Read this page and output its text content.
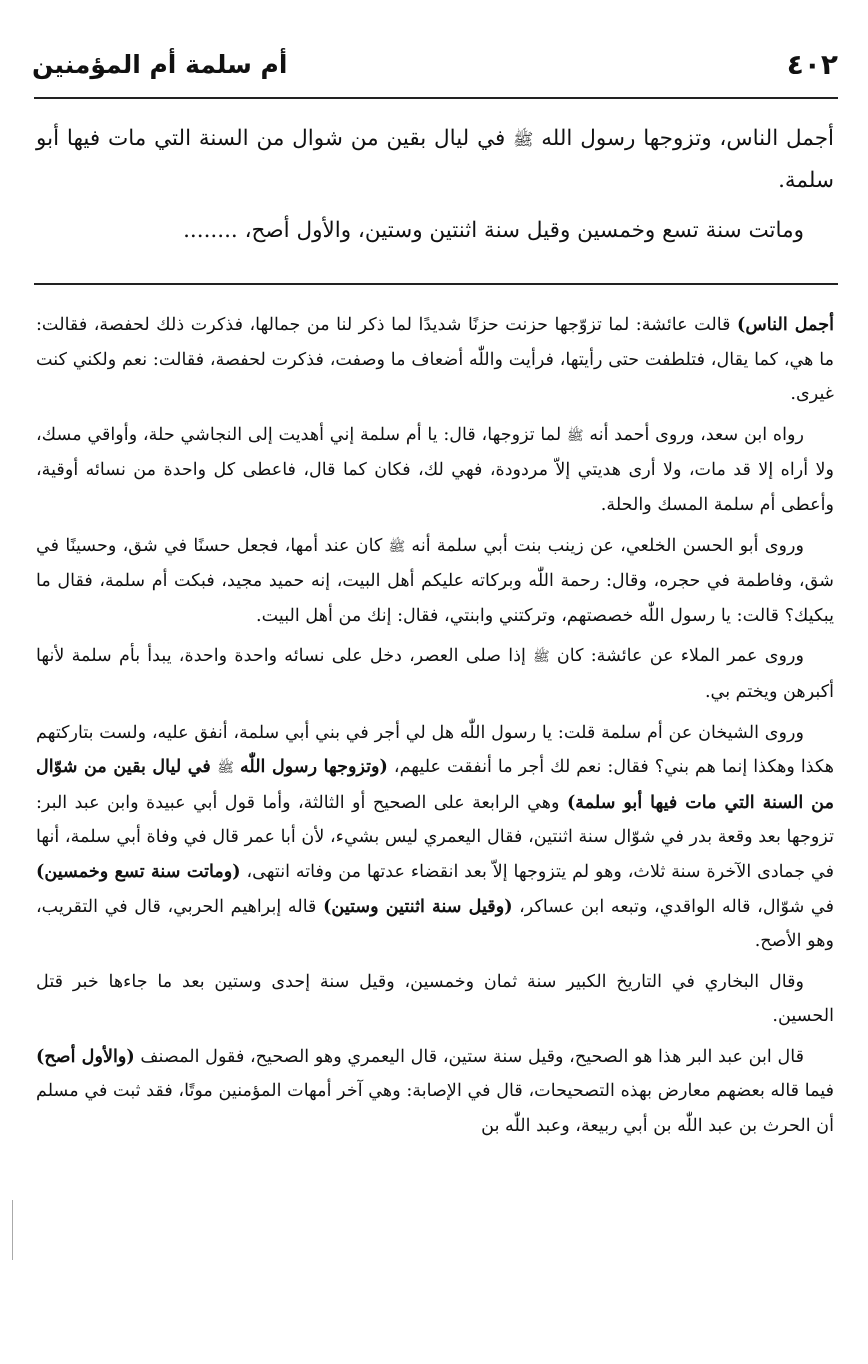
٤٠٢
أم سلمة أم المؤمنين

أجمل الناس، وتزوجها رسول الله ﷺ في ليال بقين من شوال من السنة التي مات فيها أبو سلمة.

وماتت سنة تسع وخمسين وقيل سنة اثنتين وستين، والأول أصح، ........

أجمل الناس) قالت عائشة: لما تزوّجها حزنت حزنًا شديدًا لما ذكر لنا من جمالها، فذكرت ذلك لحفصة، فقالت: ما هي، كما يقال، فتلطفت حتى رأيتها، فرأيت واللّٰه أضعاف ما وصفت، فذكرت لحفصة، فقالت: نعم ولكني كنت غيرى.

رواه ابن سعد، وروى أحمد أنه ﷺ لما تزوجها، قال: يا أم سلمة إني أهديت إلى النجاشي حلة، وأواقي مسك، ولا أراه إلا قد مات، ولا أرى هديتي إلاّ مردودة، فهي لك، فكان كما قال، فاعطى كل واحدة من نسائه أوقية، وأعطى أم سلمة المسك والحلة.

وروى أبو الحسن الخلعي، عن زينب بنت أبي سلمة أنه ﷺ كان عند أمها، فجعل حسنًا في شق، وحسينًا في شق، وفاطمة في حجره، وقال: رحمة اللّٰه وبركاته عليكم أهل البيت، إنه حميد مجيد، فبكت أم سلمة، فقال ما يبكيك؟ قالت: يا رسول اللّٰه خصصتهم، وتركتني وابنتي، فقال: إنك من أهل البيت.

وروى عمر الملاء عن عائشة: كان ﷺ إذا صلى العصر، دخل على نسائه واحدة واحدة، يبدأ بأم سلمة لأنها أكبرهن ويختم بي.

وروى الشيخان عن أم سلمة قلت: يا رسول اللّٰه هل لي أجر في بني أبي سلمة، أنفق عليه، ولست بتاركتهم هكذا وهكذا إنما هم بني؟ فقال: نعم لك أجر ما أنفقت عليهم، (وتزوجها رسول اللّٰه ﷺ في ليال بقين من شوّال من السنة التي مات فيها أبو سلمة) وهي الرابعة على الصحيح أو الثالثة، وأما قول أبي عبيدة وابن عبد البر: تزوجها بعد وقعة بدر في شوّال سنة اثنتين، فقال اليعمري ليس بشيء، لأن أبا عمر قال في وفاة أبي سلمة، أنها في جمادى الآخرة سنة ثلاث، وهو لم يتزوجها إلاّ بعد انقضاء عدتها من وفاته انتهى، (وماتت سنة تسع وخمسين) في شوّال، قاله الواقدي، وتبعه ابن عساكر، (وقيل سنة اثنتين وستين) قاله إبراهيم الحربي، قال في التقريب، وهو الأصح.

وقال البخاري في التاريخ الكبير سنة ثمان وخمسين، وقيل سنة إحدى وستين بعد ما جاءها خبر قتل الحسين.

قال ابن عبد البر هذا هو الصحيح، وقيل سنة ستين، قال اليعمري وهو الصحيح، فقول المصنف (والأول أصح) فيما قاله بعضهم معارض بهذه التصحيحات، قال في الإصابة: وهي آخر أمهات المؤمنين موتًا، فقد ثبت في مسلم أن الحرث بن عبد اللّٰه بن أبي ربيعة، وعبد اللّٰه بن
